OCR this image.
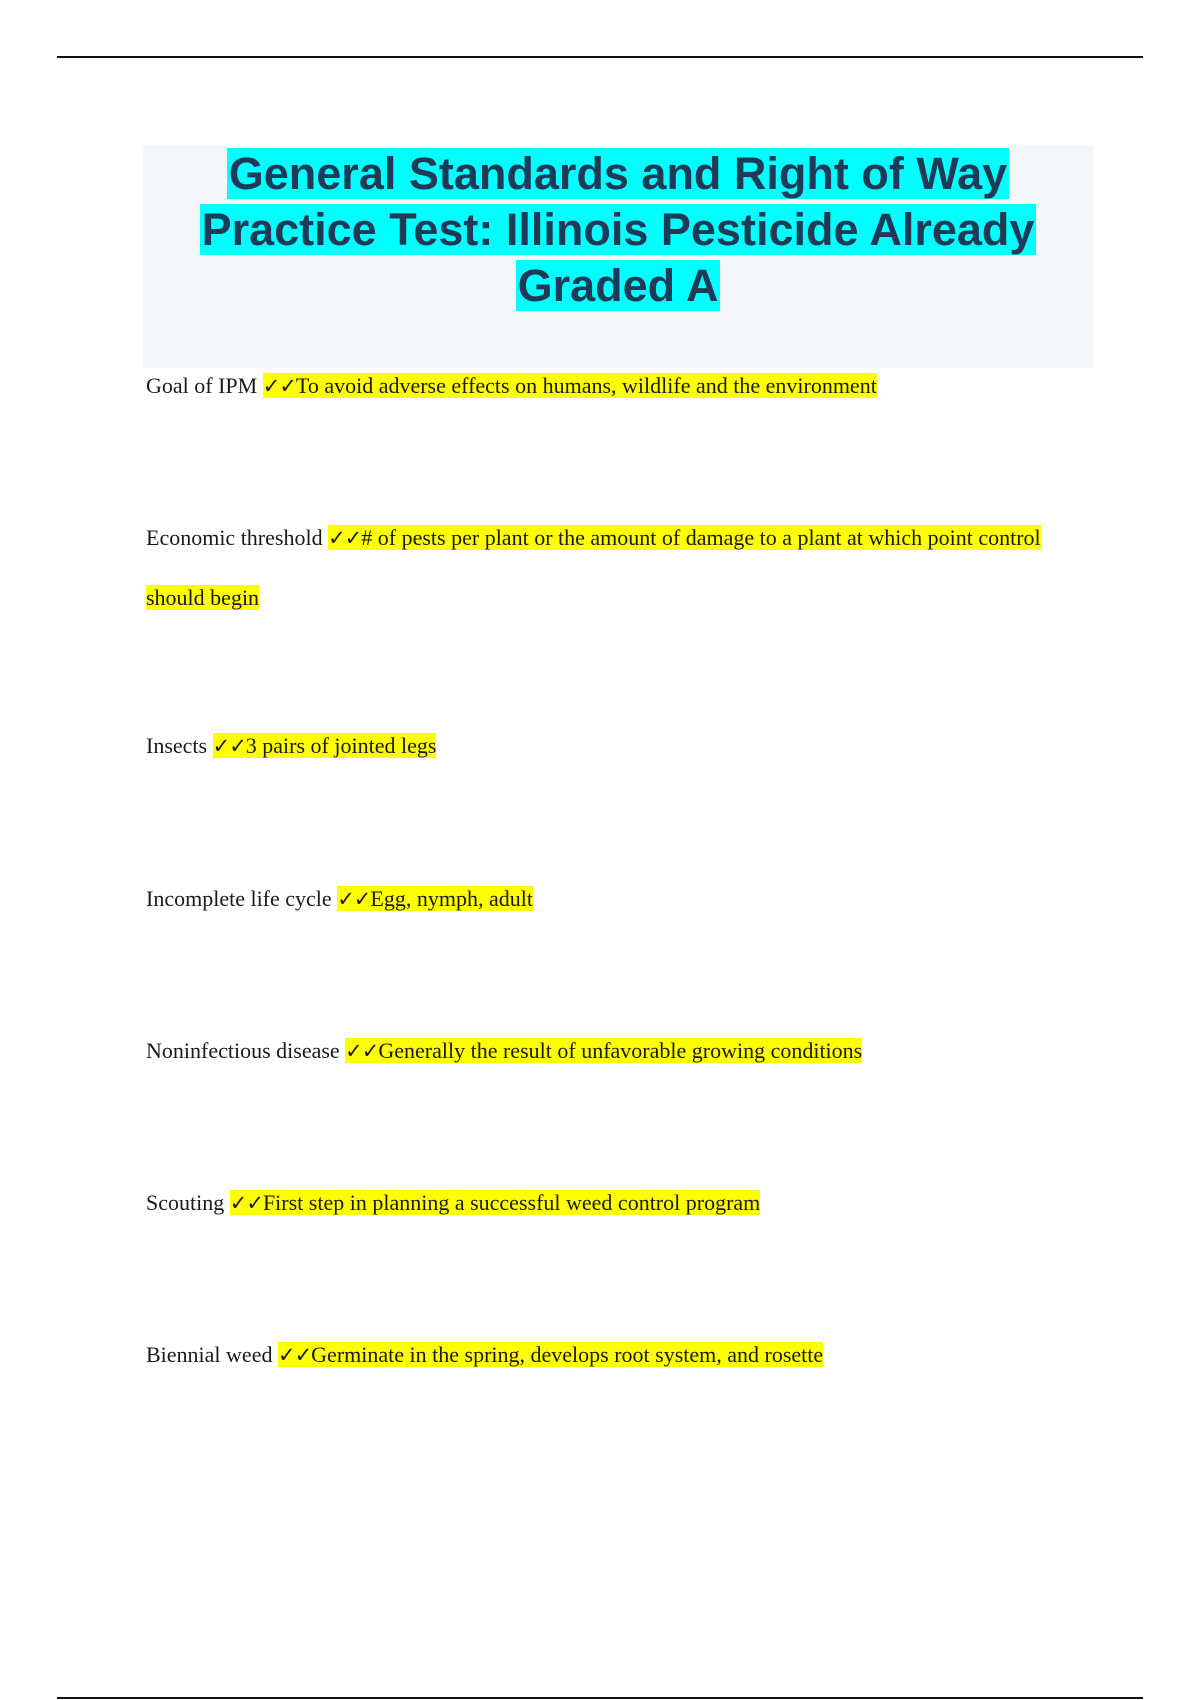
General Standards and Right of Way Practice Test: Illinois Pesticide Already Graded A
Goal of IPM ✓✓To avoid adverse effects on humans, wildlife and the environment
Economic threshold ✓✓# of pests per plant or the amount of damage to a plant at which point control should begin
Insects ✓✓3 pairs of jointed legs
Incomplete life cycle ✓✓Egg, nymph, adult
Noninfectious disease ✓✓Generally the result of unfavorable growing conditions
Scouting ✓✓First step in planning a successful weed control program
Biennial weed ✓✓Germinate in the spring, develops root system, and rosette
